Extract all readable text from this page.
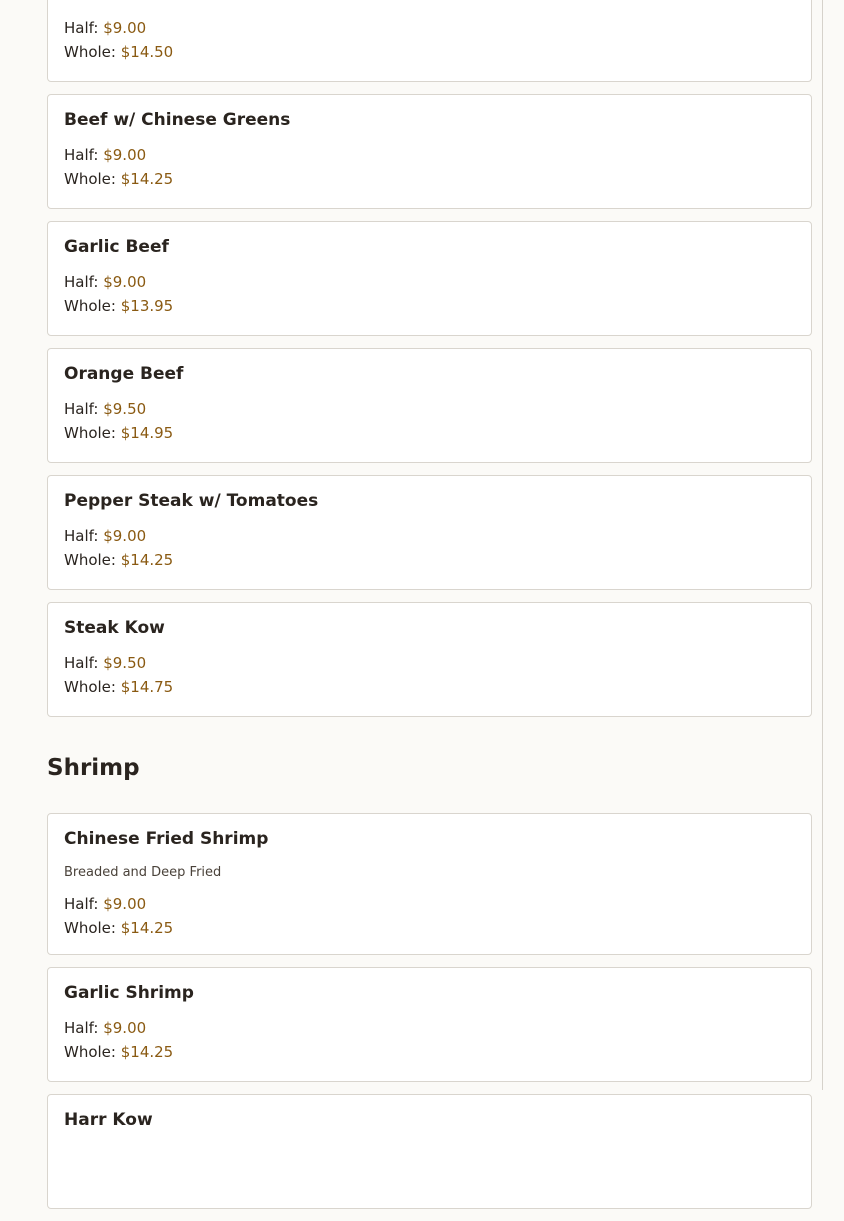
Half: $9.00
Whole: $14.50
Beef w/ Chinese Greens
Half: $9.00
Whole: $14.25
Garlic Beef
Half: $9.00
Whole: $13.95
Orange Beef
Half: $9.50
Whole: $14.95
Pepper Steak w/ Tomatoes
Half: $9.00
Whole: $14.25
Steak Kow
Half: $9.50
Whole: $14.75
Shrimp
Chinese Fried Shrimp
Breaded and Deep Fried
Half: $9.00
Whole: $14.25
Garlic Shrimp
Half: $9.00
Whole: $14.25
Harr Kow
